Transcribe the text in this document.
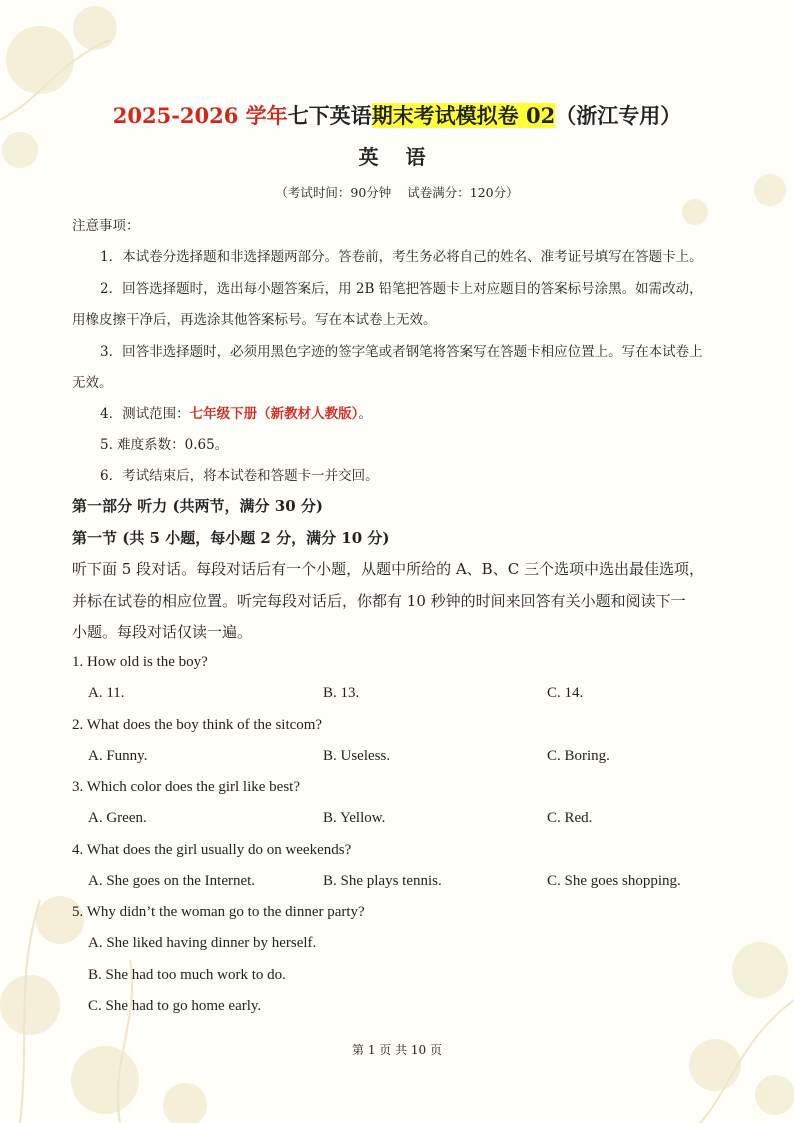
2025-2026 学年七下英语期末考试模拟卷 02（浙江专用）
英 语
（考试时间：90分钟    试卷满分：120分）
注意事项：
1．本试卷分选择题和非选择题两部分。答卷前，考生务必将自己的姓名、准考证号填写在答题卡上。
2．回答选择题时，选出每小题答案后，用 2B 铅笔把答题卡上对应题目的答案标号涂黑。如需改动，
用橡皮擦干净后，再选涂其他答案标号。写在本试卷上无效。
3．回答非选择题时，必须用黑色字迹的签字笔或者钢笔将答案写在答题卡相应位置上。写在本试卷上
无效。
4．测试范围：七年级下册（新教材人教版）。
5. 难度系数：0.65。
6．考试结束后，将本试卷和答题卡一并交回。
第一部分 听力 (共两节，满分 30 分)
第一节 (共 5 小题，每小题 2 分，满分 10 分)
听下面 5 段对话。每段对话后有一个小题，从题中所给的 A、B、C 三个选项中选出最佳选项，
并标在试卷的相应位置。听完每段对话后，你都有 10 秒钟的时间来回答有关小题和阅读下一
小题。每段对话仅读一遍。
1. How old is the boy?
A. 11.	B. 13.	C. 14.
2. What does the boy think of the sitcom?
A. Funny.	B. Useless.	C. Boring.
3. Which color does the girl like best?
A. Green.	B. Yellow.	C. Red.
4. What does the girl usually do on weekends?
A. She goes on the Internet.	B. She plays tennis.	C. She goes shopping.
5. Why didn’t the woman go to the dinner party?
A. She liked having dinner by herself.
B. She had too much work to do.
C. She had to go home early.
第 1 页 共 10 页
